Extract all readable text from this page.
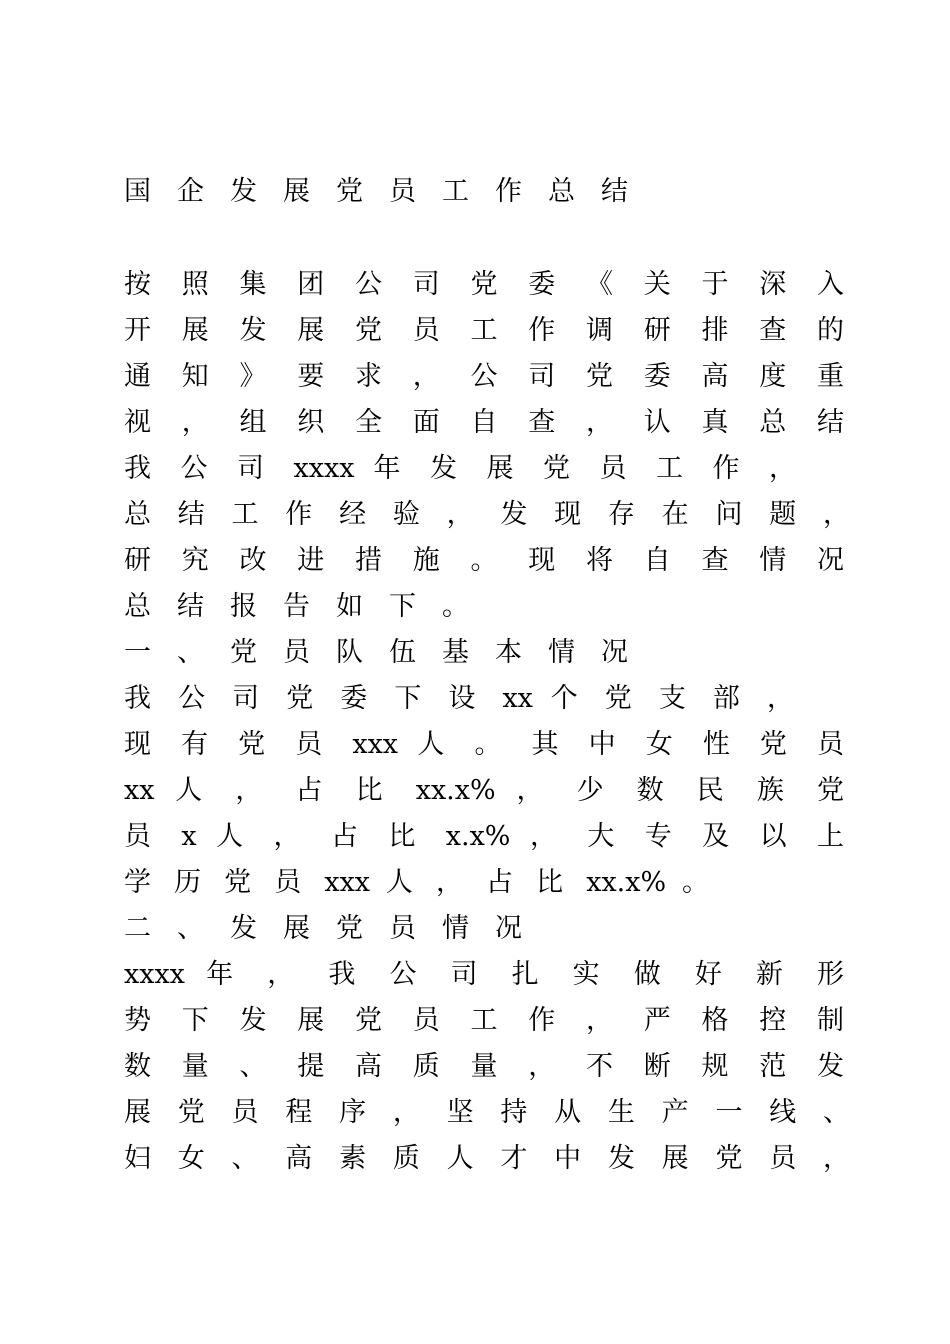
国企发展党员工作总结
按 照 集 团 公 司 党 委 《 关 于 深 入
开 展 发 展 党 员 工 作 调 研 排 查 的
通 知 》 要 求 ， 公 司 党 委 高 度 重
视 ， 组 织 全 面 自 查 ， 认 真 总 结
我 公 司 xxxx 年 发 展 党 员 工 作 ，
总 结 工 作 经 验 ， 发 现 存 在 问 题 ，
研 究 改 进 措 施 。 现 将 自 查 情 况
总结报告如下。
一、党员队伍基本情况
我 公 司 党 委 下 设 xx 个 党 支 部 ，
现 有 党 员 xxx 人 。 其 中 女 性 党 员
xx 人 ， 占 比 xx.x% ， 少 数 民 族 党
员 x 人 ， 占 比 x.x% ， 大 专 及 以 上
学 历 党 员 xxx 人 ， 占 比 xx.x% 。
二、发展党员情况
xxxx 年 ， 我 公 司 扎 实 做 好 新 形
势 下 发 展 党 员 工 作 ， 严 格 控 制
数 量 、 提 高 质 量 ， 不 断 规 范 发
展 党 员 程 序 ， 坚 持 从 生 产 一 线 、
妇 女 、 高 素 质 人 才 中 发 展 党 员 ，
